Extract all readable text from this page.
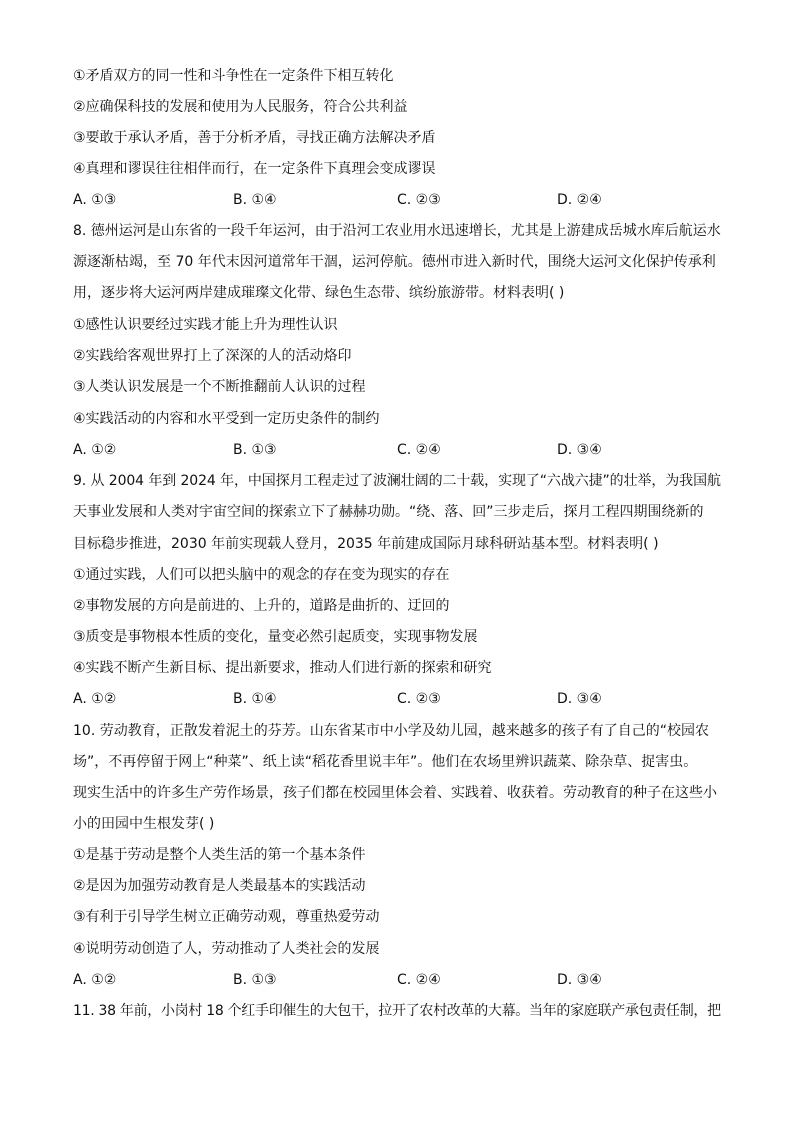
①矛盾双方的同一性和斗争性在一定条件下相互转化
②应确保科技的发展和使用为人民服务，符合公共利益
③要敢于承认矛盾，善于分析矛盾，寻找正确方法解决矛盾
④真理和谬误往往相伴而行，在一定条件下真理会变成谬误
A. ①③	B. ①④	C. ②③	D. ②④
8. 德州运河是山东省的一段千年运河，由于沿河工农业用水迅速增长，尤其是上游建成岳城水库后航运水
源逐渐枯竭，至 70 年代末因河道常年干涸，运河停航。德州市进入新时代，围绕大运河文化保护传承利
用，逐步将大运河两岸建成璀璨文化带、绿色生态带、缤纷旅游带。材料表明( )
①感性认识要经过实践才能上升为理性认识
②实践给客观世界打上了深深的人的活动烙印
③人类认识发展是一个不断推翻前人认识的过程
④实践活动的内容和水平受到一定历史条件的制约
A. ①②	B. ①③	C. ②④	D. ③④
9. 从 2004 年到 2024 年，中国探月工程走过了波澜壮阔的二十载，实现了“六战六捷”的壮举，为我国航
天事业发展和人类对宇宙空间的探索立下了赫赫功勋。“绕、落、回”三步走后，探月工程四期围绕新的
目标稳步推进，2030 年前实现载人登月，2035 年前建成国际月球科研站基本型。材料表明( )
①通过实践，人们可以把头脑中的观念的存在变为现实的存在
②事物发展的方向是前进的、上升的，道路是曲折的、迂回的
③质变是事物根本性质的变化，量变必然引起质变，实现事物发展
④实践不断产生新目标、提出新要求，推动人们进行新的探索和研究
A. ①②	B. ①④	C. ②③	D. ③④
10. 劳动教育，正散发着泥土的芬芳。山东省某市中小学及幼儿园，越来越多的孩子有了自己的“校园农
场”，不再停留于网上“种菜”、纸上读“稻花香里说丰年”。他们在农场里辨识蔬菜、除杂草、捉害虫。
现实生活中的许多生产劳作场景，孩子们都在校园里体会着、实践着、收获着。劳动教育的种子在这些小
小的田园中生根发芽( )
①是基于劳动是整个人类生活的第一个基本条件
②是因为加强劳动教育是人类最基本的实践活动
③有利于引导学生树立正确劳动观，尊重热爱劳动
④说明劳动创造了人，劳动推动了人类社会的发展
A. ①②	B. ①③	C. ②④	D. ③④
11. 38 年前，小岗村 18 个红手印催生的大包干，拉开了农村改革的大幕。当年的家庭联产承包责任制，把
